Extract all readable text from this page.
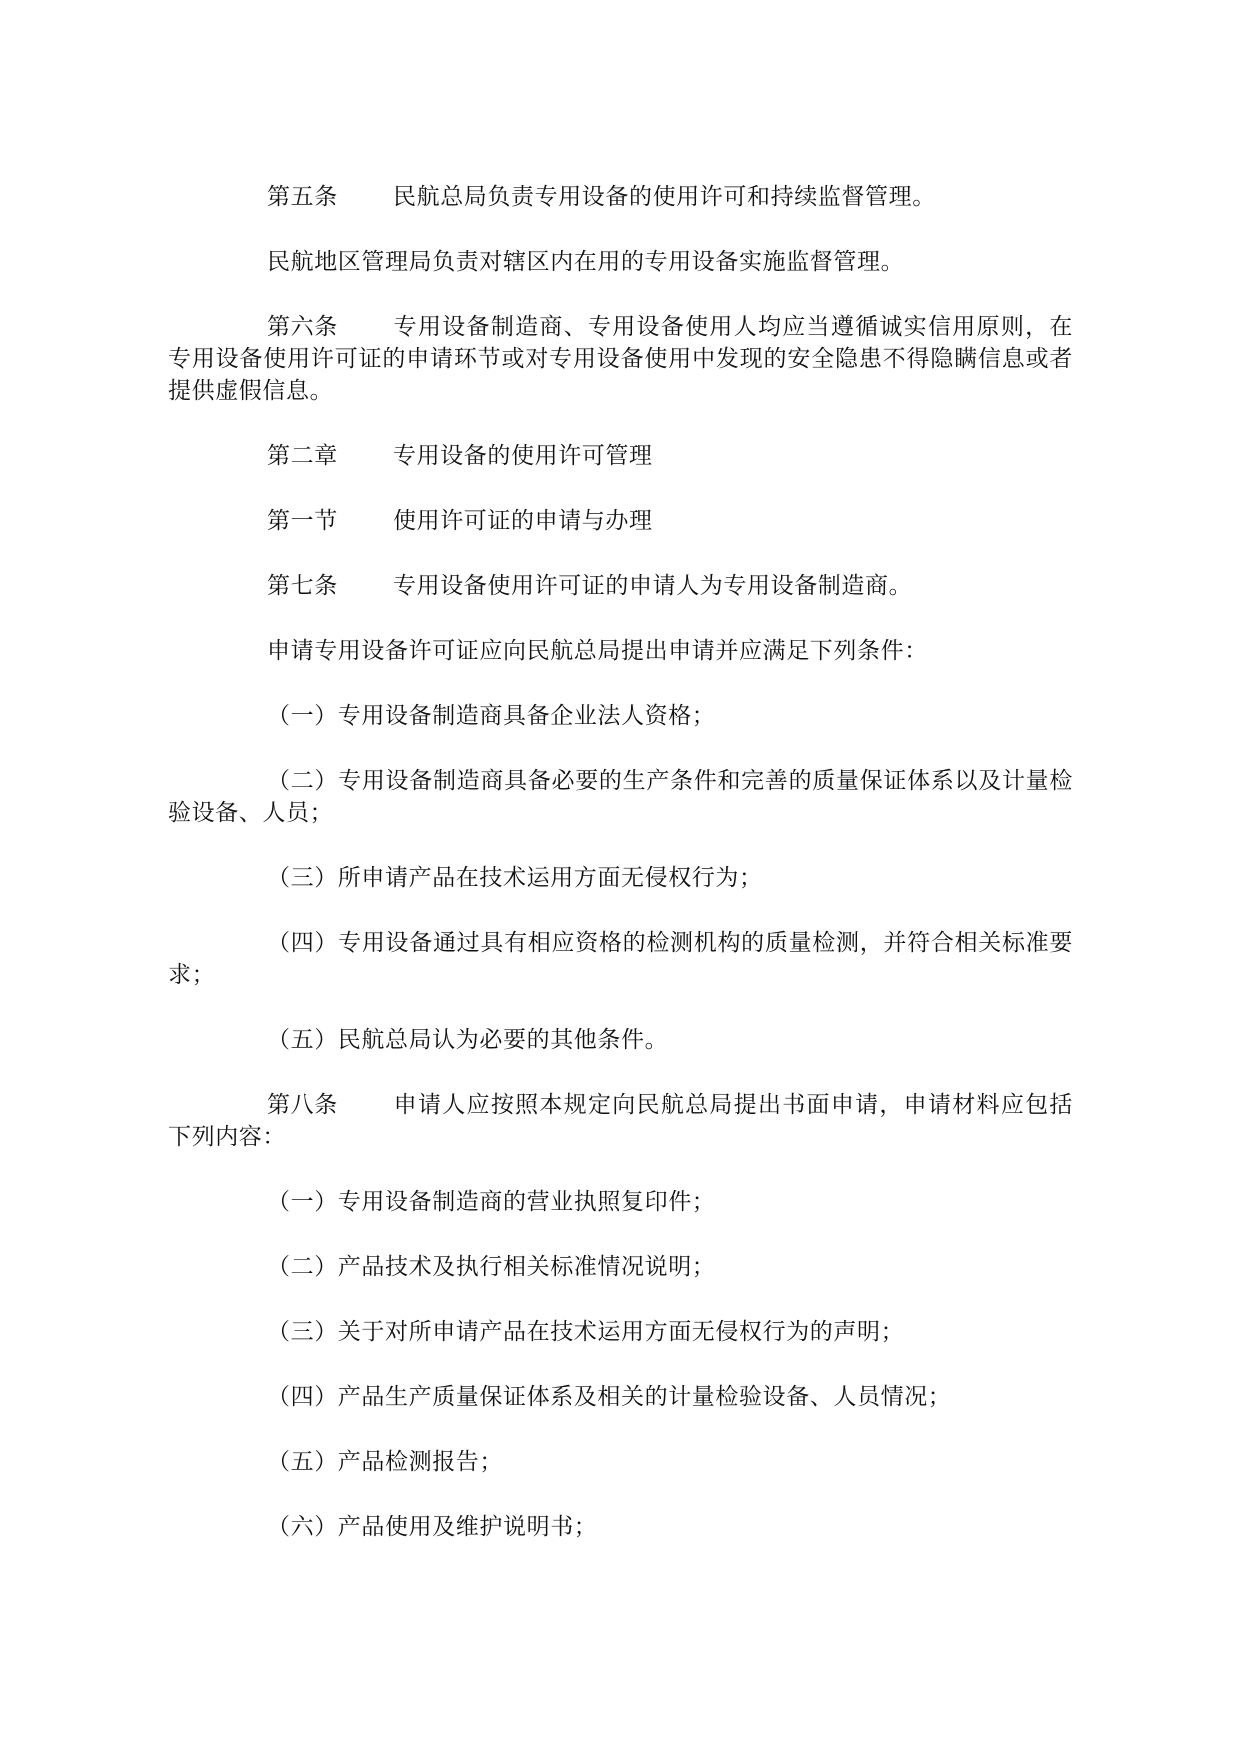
第五条 民航总局负责专用设备的使用许可和持续监督管理。

民航地区管理局负责对辖区内在用的专用设备实施监督管理。

第六条 专用设备制造商、专用设备使用人均应当遵循诚实信用原则，在专用设备使用许可证的申请环节或对专用设备使用中发现的安全隐患不得隐瞒信息或者提供虚假信息。

第二章 专用设备的使用许可管理

第一节 使用许可证的申请与办理

第七条 专用设备使用许可证的申请人为专用设备制造商。

申请专用设备许可证应向民航总局提出申请并应满足下列条件：

（一）专用设备制造商具备企业法人资格；

（二）专用设备制造商具备必要的生产条件和完善的质量保证体系以及计量检验设备、人员；

（三）所申请产品在技术运用方面无侵权行为；

（四）专用设备通过具有相应资格的检测机构的质量检测，并符合相关标准要求；

（五）民航总局认为必要的其他条件。

第八条 申请人应按照本规定向民航总局提出书面申请，申请材料应包括下列内容：

（一）专用设备制造商的营业执照复印件；

（二）产品技术及执行相关标准情况说明；

（三）关于对所申请产品在技术运用方面无侵权行为的声明；

（四）产品生产质量保证体系及相关的计量检验设备、人员情况；

（五）产品检测报告；

（六）产品使用及维护说明书；
